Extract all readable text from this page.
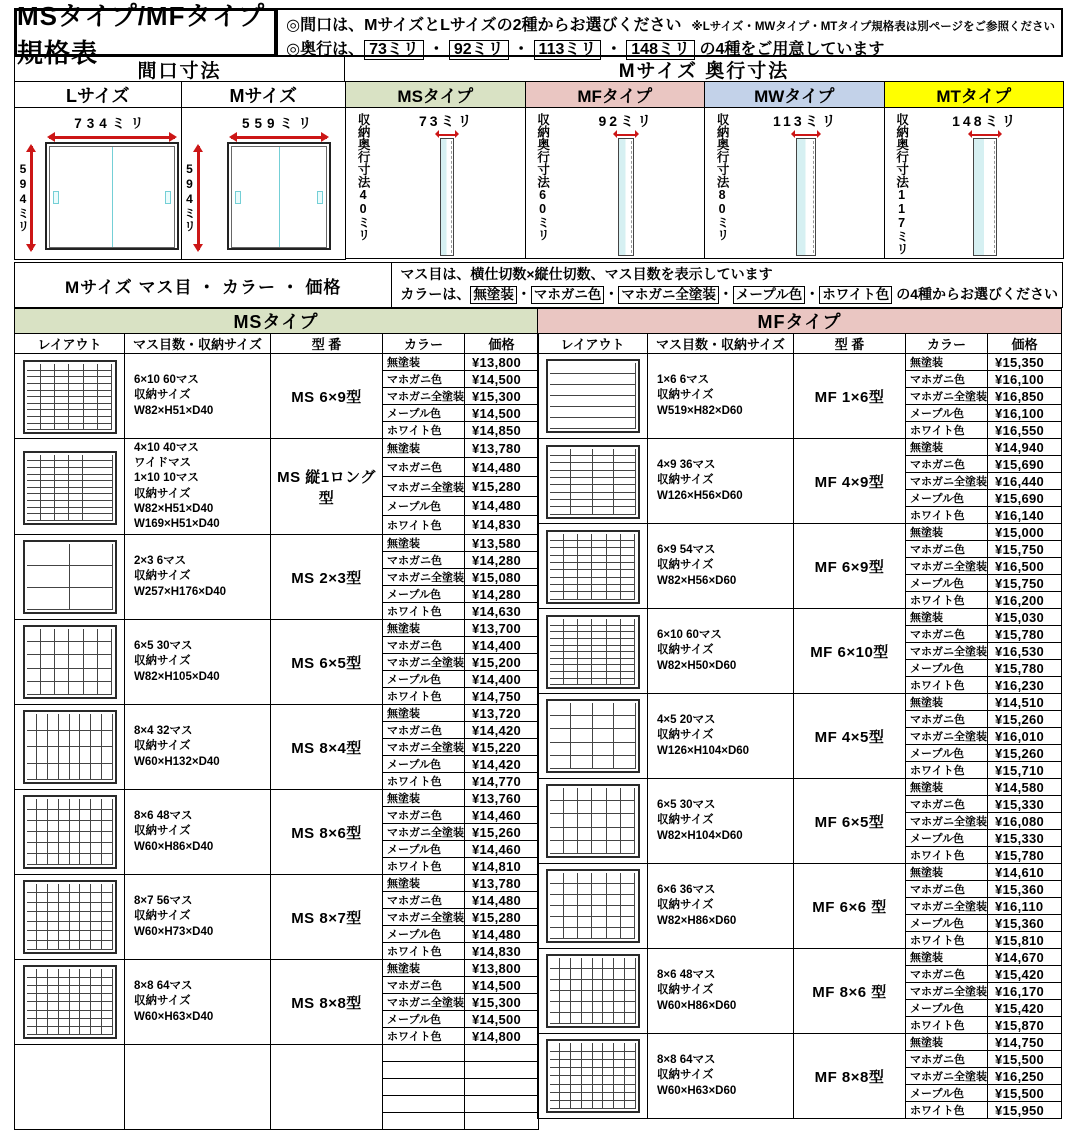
MSタイプ/MFタイプ 規格表
◎間口は、MサイズとLサイズの2種からお選びください ※Lサイズ・MWタイプ・MTタイプ規格表は別ページをご参照ください
◎奥行は、 73ミリ ・ 92ミリ ・ 113ミリ ・ 148ミリ の4種をご用意しています
間口寸法
Lサイズ
594ミリ
734ミリ
Mサイズ
594ミリ
559ミリ
Mサイズ 奥行寸法
MSタイプ
収納奥行寸法40ミリ	73ミリ
MFタイプ
収納奥行寸法60ミリ	92ミリ
MWタイプ
収納奥行寸法80ミリ	113ミリ
MTタイプ
収納奥行寸法117ミリ	148ミリ
Mサイズ マス目 ・ カラー ・ 価格
マス目は、横仕切数×縦仕切数、マス目数を表示しています
カラーは、 無塗装 ・ マホガニ色 ・ マホガニ全塗装 ・ メープル色 ・ ホワイト色 の4種からお選びください
MSタイプ
レイアウト	マス目数・収納サイズ	型 番	カラー	価格

	6×10 60マス
収納サイズ
W82×H51×D40	MS 6×9型	無塗装	¥13,800
			マホガニ色	¥14,500
			マホガニ全塗装	¥15,300
			メープル色	¥14,500
			ホワイト色	¥14,850

4×10 40マス
ワイドマス
1×10 10マス
収納サイズ
W82×H51×D40
W169×H51×D40
	MS 縦1ロング型	無塗装	¥13,780
			マホガニ色	¥14,480
			マホガニ全塗装	¥15,280
			メープル色	¥14,480
			ホワイト色	¥14,830

	2×3 6マス
収納サイズ
W257×H176×D40	MS 2×3型	無塗装	¥13,580
			マホガニ色	¥14,280
			マホガニ全塗装	¥15,080
			メープル色	¥14,280
			ホワイト色	¥14,630

	6×5 30マス
収納サイズ
W82×H105×D40	MS 6×5型	無塗装	¥13,700
			マホガニ色	¥14,400
			マホガニ全塗装	¥15,200
			メープル色	¥14,400
			ホワイト色	¥14,750

	8×4 32マス
収納サイズ
W60×H132×D40	MS 8×4型	無塗装	¥13,720
			マホガニ色	¥14,420
			マホガニ全塗装	¥15,220
			メープル色	¥14,420
			ホワイト色	¥14,770

	8×6 48マス
収納サイズ
W60×H86×D40	MS 8×6型	無塗装	¥13,760
			マホガニ色	¥14,460
			マホガニ全塗装	¥15,260
			メープル色	¥14,460
			ホワイト色	¥14,810

	8×7 56マス
収納サイズ
W60×H73×D40	MS 8×7型	無塗装	¥13,780
			マホガニ色	¥14,480
			マホガニ全塗装	¥15,280
			メープル色	¥14,480
			ホワイト色	¥14,830

	8×8 64マス
収納サイズ
W60×H63×D40	MS 8×8型	無塗装	¥13,800
			マホガニ色	¥14,500
			マホガニ全塗装	¥15,300
			メープル色	¥14,500
			ホワイト色	¥14,800

MFタイプ
レイアウト	マス目数・収納サイズ	型 番	カラー	価格

	1×6 6マス
収納サイズ
W519×H82×D60	MF 1×6型	無塗装	¥15,350
			マホガニ色	¥16,100
			マホガニ全塗装	¥16,850
			メープル色	¥16,100
			ホワイト色	¥16,550

	4×9 36マス
収納サイズ
W126×H56×D60	MF 4×9型	無塗装	¥14,940
			マホガニ色	¥15,690
			マホガニ全塗装	¥16,440
			メープル色	¥15,690
			ホワイト色	¥16,140

	6×9 54マス
収納サイズ
W82×H56×D60	MF 6×9型	無塗装	¥15,000
			マホガニ色	¥15,750
			マホガニ全塗装	¥16,500
			メープル色	¥15,750
			ホワイト色	¥16,200

	6×10 60マス
収納サイズ
W82×H50×D60	MF 6×10型	無塗装	¥15,030
			マホガニ色	¥15,780
			マホガニ全塗装	¥16,530
			メープル色	¥15,780
			ホワイト色	¥16,230

	4×5 20マス
収納サイズ
W126×H104×D60	MF 4×5型	無塗装	¥14,510
			マホガニ色	¥15,260
			マホガニ全塗装	¥16,010
			メープル色	¥15,260
			ホワイト色	¥15,710

	6×5 30マス
収納サイズ
W82×H104×D60	MF 6×5型	無塗装	¥14,580
			マホガニ色	¥15,330
			マホガニ全塗装	¥16,080
			メープル色	¥15,330
			ホワイト色	¥15,780

	6×6 36マス
収納サイズ
W82×H86×D60	MF 6×6 型	無塗装	¥14,610
			マホガニ色	¥15,360
			マホガニ全塗装	¥16,110
			メープル色	¥15,360
			ホワイト色	¥15,810

	8×6 48マス
収納サイズ
W60×H86×D60	MF 8×6 型	無塗装	¥14,670
			マホガニ色	¥15,420
			マホガニ全塗装	¥16,170
			メープル色	¥15,420
			ホワイト色	¥15,870

	8×8 64マス
収納サイズ
W60×H63×D60	MF 8×8型	無塗装	¥14,750
			マホガニ色	¥15,500
			マホガニ全塗装	¥16,250
			メープル色	¥15,500
			ホワイト色	¥15,950
